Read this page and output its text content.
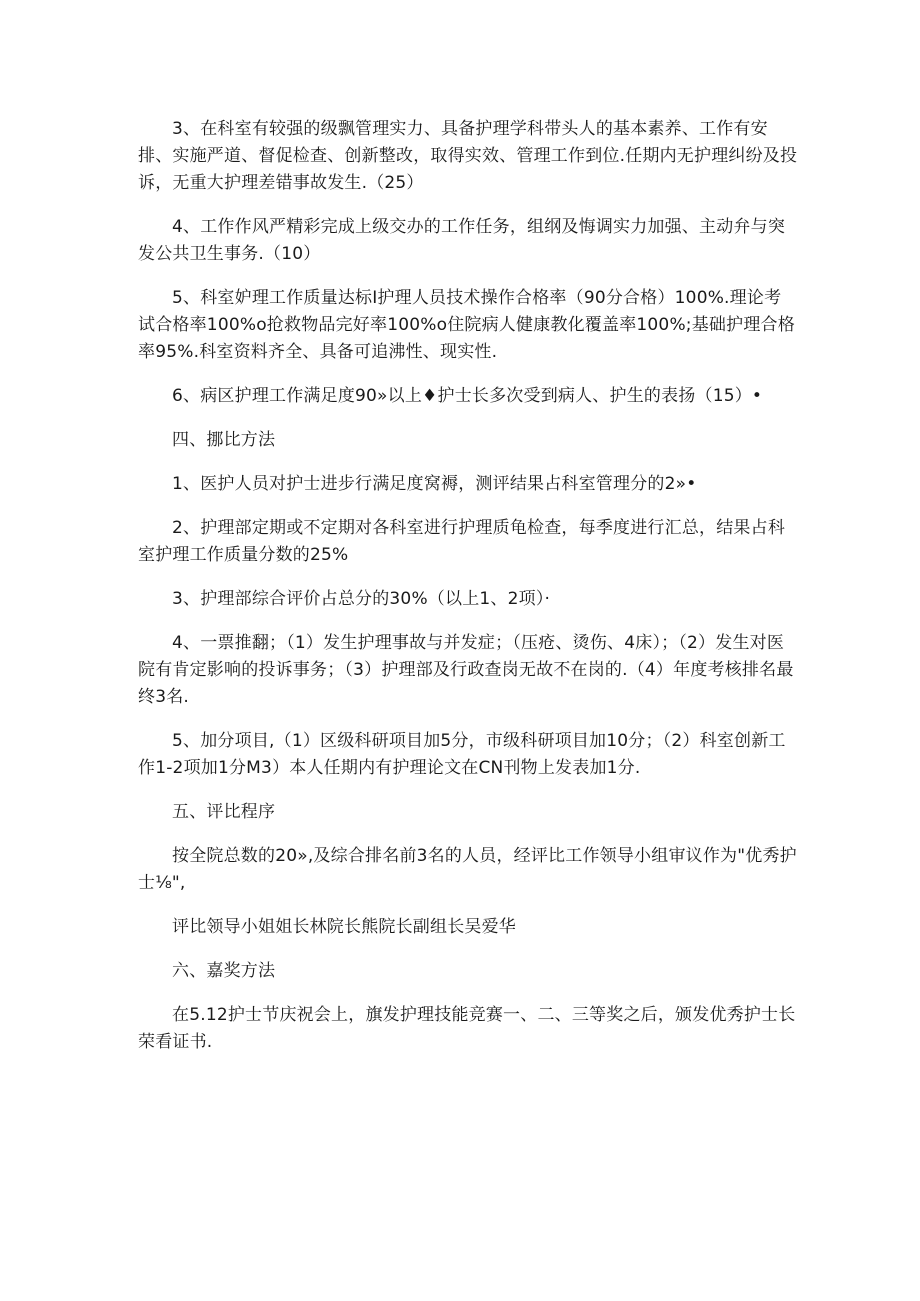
3、在科室有较强的级飘管理实力、具备护理学科带头人的基本素养、工作有安排、实施严道、督促检查、创新整改，取得实效、管理工作到位.任期内无护理纠纷及投诉，无重大护理差错事故发生.（25）

4、工作作风严精彩完成上级交办的工作任务，组纲及悔调实力加强、主动弁与突发公共卫生事务.（10）

5、科室妒理工作质量达标I护理人员技术操作合格率（90分合格）100%.理论考试合格率100%o抢救物品完好率100%o住院病人健康教化覆盖率100%;基础护理合格率95%.科室资料齐全、具备可追沸性、现实性.

6、病区护理工作满足度90»以上♦护士长多次受到病人、护生的表扬（15）•

四、挪比方法

1、医护人员对护士进步行满足度窝褥，测评结果占科室管理分的2»•

2、护理部定期或不定期对各科室进行护理质龟检查，每季度进行汇总，结果占科室护理工作质量分数的25%

3、护理部综合评价占总分的30%（以上1、2项）·

4、一票推翻；（1）发生护理事故与并发症；（压疮、烫伤、4床）；（2）发生对医院有肯定影响的投诉事务；（3）护理部及行政查岗无故不在岗的.（4）年度考核排名最终3名.

5、加分项目,（1）区级科研项目加5分，市级科研项目加10分；（2）科室创新工作1-2项加1分M3）本人任期内有护理论文在CN刊物上发表加1分.

五、评比程序

按全院总数的20»,及综合排名前3名的人员，经评比工作领导小组审议作为"优秀护士⅛",

评比领导小姐姐长林院长熊院长副组长吴爱华

六、嘉奖方法

在5.12护士节庆祝会上，旗发护理技能竞赛一、二、三等奖之后，颁发优秀护士长荣看证书.
